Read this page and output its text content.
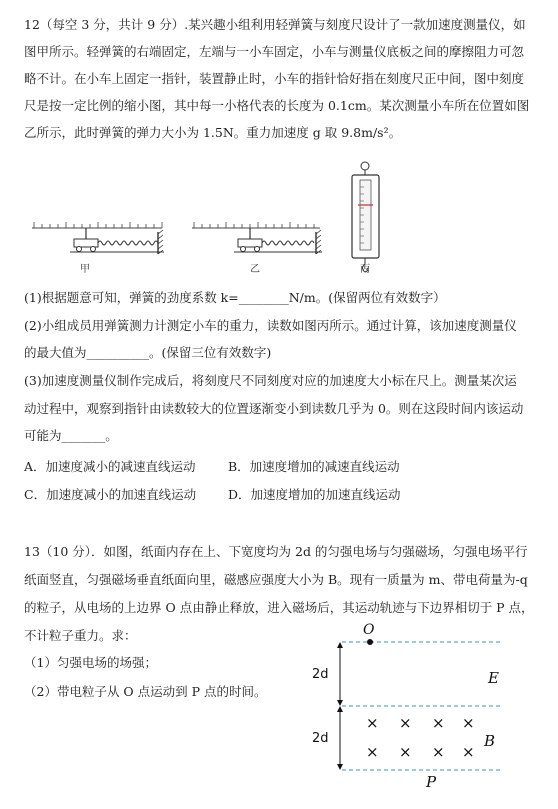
12（每空 3 分，共计 9 分）.某兴趣小组利用轻弹簧与刻度尺设计了一款加速度测量仪，如
图甲所示。轻弹簧的右端固定，左端与一小车固定，小车与测量仪底板之间的摩擦阻力可忽
略不计。在小车上固定一指针，装置静止时，小车的指针恰好指在刻度尺正中间，图中刻度
尺是按一定比例的缩小图，其中每一小格代表的长度为 0.1cm。某次测量小车所在位置如图
乙所示，此时弹簧的弹力大小为 1.5N。重力加速度 g 取 9.8m/s²。
甲	乙	丙
(1)根据题意可知，弹簧的劲度系数 k=________N/m。(保留两位有效数字）
(2)小组成员用弹簧测力计测定小车的重力，读数如图丙所示。通过计算，该加速度测量仪
的最大值为__________。(保留三位有效数字)
(3)加速度测量仪制作完成后，将刻度尺不同刻度对应的加速度大小标在尺上。测量某次运
动过程中，观察到指针由读数较大的位置逐渐变小到读数几乎为 0。则在这段时间内该运动
可能为_______。
A．加速度减小的减速直线运动	B．加速度增加的减速直线运动
C．加速度减小的加速直线运动	D．加速度增加的加速直线运动
13（10 分）．如图，纸面内存在上、下宽度均为 2d 的匀强电场与匀强磁场，匀强电场平行
纸面竖直，匀强磁场垂直纸面向里，磁感应强度大小为 B。现有一质量为 m、带电荷量为-q
的粒子，从电场的上边界 O 点由静止释放，进入磁场后，其运动轨迹与下边界相切于 P 点，
不计粒子重力。求：
（1）匀强电场的场强；
（2）带电粒子从 O 点运动到 P 点的时间。
O
2d
2d
E
B
P
× × × ×
× × × ×
